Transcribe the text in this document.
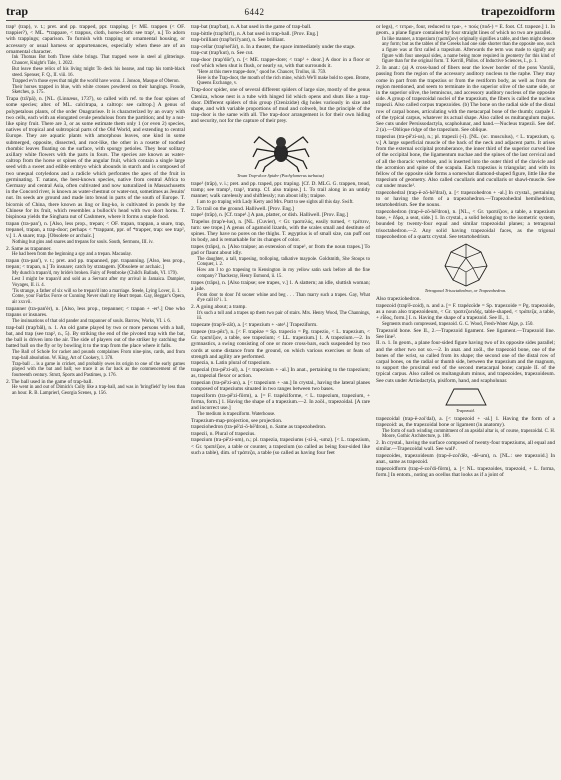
trap	6442	trapezoidform

trap¹ (trap), v. t.; pret. and pp. trapped, ppr. trapping. [< ME. trappen (< OF. trappier?), < ML. *trappare, < trappus, cloth, horse-cloth: see trap¹, n.] To adorn with trappings; caparison. To furnish with trapping or ornamental housing, or accessory or usual harness or appurtenances, especially when these are of an ornamental character.

Ink Thomas Bot both Three slobe brings. That trapped were in steel al glitteringe. Chaucer, Knight's Tale, 1. 2022.

But leave these relics of his living might To deck his hearse, and trap his tomb-black steed. Spenser, F. Q., II. viii. 16.

Trapped ev'n those eyes that might the world have wonn. J. Jonson, Masque of Oberon.

Their horses trapped in blue, with white crosses powdered on their hangings. Froude, Sketches, p. 175.

Trapa (trā'pä), n. [NL. (Linnæus, 1737), so called with ref. to the four spines of some species; alter. of ML. calcitrapa, a caltrop: see caltrop.] A genus of polypetalous plants, of the order Onagrarieæ. It is characterized by an ovary with two cells, each with an elongated ovule pendulous from the partition; and by a nut-like spiny fruit. There are 3, or as some estimate them only 1 (or even 2) species, natives of tropical and subtropical parts of the Old World, and extending to central Europe. They are aquatic plants with amorphous leaves, one kind in some submerged, opposite, dissected, and root-like, the other in a rosette of toothed rhombic leaves floating on the surface, with spongy petioles. They bear solitary axillary white flowers with the parts in fours. The species are known as water-caltrop from the horse or spines of the angular fruit, which contain a single large seed with a sweet and edible embryo which abounds in starch and is composed of two unequal cotyledons and a radicle which perforates the apex of the fruit in germinating. T. natans, the best-known species, native from central Africa to Germany and central Asia, often cultivated and now naturalized in Massachusetts in the Concord river, is known as water-chestnut or water-nut, sometimes as Jesuits' nut. Its seeds are ground and made into bread in parts of the south of Europe. T. bicornis of China, there known as ling or ling-ko, is cultivated in ponds by the Chinese for its fruit, which resembles a bullock's head with two short horns. T. bispinosa yields the Singhara nut of Cashmere, where it forms a staple food.

trapan (tra-pan'), n. [Also, less prop., trepan; < OF. trapan, trappan, a snare, trap, trepanel, trapan, a trap-door; perhaps < *trappant, ppr. of *trapper, trap: see trap², v.] 1. A snare; trap. [Obsolete or archaic.]

Nothing but gins and snares and trepans for souls. South, Sermons, III. iv.

2. Same as trapanner.

He had been from the beginning a spy and a trepan. Macaulay.

trapan (tra-pan'), v. t.; pret. and pp. trapanned, ppr. trapanning. [Also, less prop., trepan; < trapan, n.] To insnare; catch by stratagem. [Obsolete or archaic.]

My dunch'a trapan'd, my bride's broken. Fairy of Pembroke (Child's Ballads, VI. 179).

Lest I might be trapan'd and sold as a Servant after my arrival in Jamaica. Dampier, Voyages, II. ii. 4.

'Tis strange, a father of six will so be trepan'd into a marriage. Steele, Lying Lover, ii. 1.

Come, your Fairfax Force or Cunning Never shall my Heart trepan. Gay, Beggar's Opera, air xxxvii.

trapanner (tra-pan'ėr), n. [Also, less prop., trepanner; < trapan + -er¹.] One who trapans or insnares.

The insinuations of that old pander and trapanner of souls. Barrow, Works, VI. i. 6.

trap-ball (trap'bâl), n. 1. An old game played by two or more persons with a ball, bat, and trap (see trap², n., 5). By striking the end of the pivoted trap with the bat, the ball is driven into the air. The side of players out of the striker by catching the batted ball on the fly or by bowling it to the trap from the place where it falls.

The Ball of Schole for racket and pounds complaines From nine-pins, cards, and from trap-ball absolution. W. King, Art of Cookery, l. 378.

Trap-ball ... is a game in cricket, and probably owes its origin to one of the early games played with the bat and ball; we trace it as far back as the commencement of the fourteenth century. Strutt, Sports and Pastimes, p. 176.

2. The ball used in the game of trap-ball.

He went in and out of Dimick's Cully like a trap-ball, and was in 'bringfield' by less than an hour. R. B. Lamprierl, Georgia Scenes, p. 156.

trap-bat (trap'bat), n. A bat used in the game of trap-ball.

trap-bittle (trap'bit'l), n. A bat used in trap-ball. [Prov. Eng.]

trap-brilliant (trap'bril'yant), n. See brilliant.

trap-cellar (trap'sel'ār), n. In a theater, the space immediately under the stage.

trap-cut (trap'kut), n. See cut.

trap-door (trap'dōr'), n. [< ME. trappe-dore; < trap¹ + door.] A door in a floor or roof which when shut is flush, or nearly so, with that surrounds it.

"Here at this mere trappe-dore," quod he. Chaucer, Troilus, iii. 759.

Here is the Trap-door, the mouth of the rich mine, which We'll make bold to open. Brome, Queens Exchange, v.

Trap-door spider, one of several different spiders of large size, mostly of the genus Cteniza, whose nest is a tube with hinged lid which opens and shuts like a trap-door. Different spiders of this group (Ctenizidæ) dig holes variously in size and shape, and with variable proportions of mud and cobweb, but the principle of the trap-door is the same with all. The trap-door arrangement is for their own hiding and security, not for the capture of their prey.

Texan Trap-door Spider (Pachylomerus turbatus)

trape¹ (trāp), v. i.; pret. and pp. traped, ppr. traping. [Cf. D. MLG. G. trappen, tread, tramp; see tramp¹, trap¹, tramp. Cf. also traipse.] 1. To trail along in an untidy manner; walk carelessly and shiftlessly; run about idly; traipse.

I am to go traping with Lady Kerry and Mrs. Pratt to see sights all this day. Swift.

2. To trail on the ground. Halliwell. [Prov. Eng.]

trape² (trāp), n. [Cf. trape¹.] A pan, platter, or dish. Halliwell. [Prov. Eng.]

Trapelus (trap'e-lus), n. [NL. (Cuvier), < Gr. τραπελός, easily turned, < τρέπειν, turn: see trope.] A genus of agamoid lizards, with the scales small and destitute of spines. They have no pores on the thighs. T. ægyptius is of small size, can puff out its body, and is remarkable for its changes of color.

trapes (trāps), n. [Also traipse; an extension of trape¹, or from the noun trapes.] To gad or flaunt about idly.

The daughter, a tall, trapesing, trolloping, talkative maypole. Goldsmith, She Stoops to Conquer, i. 2.

How am I to go trapesing to Kensington in my yellow satin sack before all the fine company? Thackeray, Henry Esmond, ii. 15.

trapes (trāps), n. [Also traipse; see trapes, v.] 1. A slattern; an idle, sluttish woman; a jade.

From door to door I'd sooner whine and beg . . . Than marry such a trapes. Gay, What d'ye call it? i. 1.

2. A going about; a tramp.

It's such a toll and a trapes up them two pair of stairs. Mrs. Henry Wood, The Channings, iii.

trapezate (trap'ē-zāt), a. [< trapezium + -ate¹.] Trapeziform.

trapeze (tra-pēz'), n. [< F. trapèze = Sp. trapecio = Pg. trapezio, < L. trapezium, < Gr. τραπέζιον, a table, see trapezium; < LL. trapezium.] 1. A trapezium.—2. In gymnastics, a swing consisting of one or more cross-bars, each suspended by two cords at some distance from the ground, on which various exercises or feats of strength and agility are performed.

trapezia, n. Latin plural of trapezium.

trapezial (tra-pē'zi-al), a. [< trapezium + -al.] In anat., pertaining to the trapezium; as, trapezial flexor or action.

trapezian (tra-pē'zi-an), a. [< trapezium + -an.] In crystal., having the lateral planes composed of trapeziums situated in two ranges between two bases.

trapeziform (tra-pē'zi-fôrm), a. [= F. trapéziforme, < L. trapezium, trapezium, + forma, form.] 1. Having the shape of a trapezium.—2. In zoöl., trapezoidal. [A rare and incorrect use.]

The medium is trapeziform. Waterhouse.

Trapezium-map-projection, see projection.

trapeziohedron (tra-pē'zi-ō-hē'dron), n. Same as trapezohedron.

trapezii, n. Plural of trapezius.

trapezium (tra-pē'zi-um), n.; pl. trapezia, trapeziums (-zi-ä, -umz). [< L. trapezium, < Gr. τραπέζιον, a table or counter, a trapezium (so called as being four-sided like such a table), dim. of τράπεζα, a table (so called as having four feet

or legs), < τετρα-, four, reduced to τρα-, + πούς (ποδ-) = E. foot. Cf. trapeze.] 1. In geom., a plane figure contained by four straight lines of which no two are parallel.

In like manner, a trapezium (τραπέζιον) originally signifies a table, and then might denote any form; but as the tables of the Greeks had one side shorter than the opposite one, such a figure was at first called a trapezium. Afterwards the term was made to signify any figure with four unequal sides, a name being more required in geometry for this kind of figure than for the original form. T. Kerrill, Philos. of Inductive Sciences, I., p. 1.

2. In anat.: (a) A cross-band of fibers near the lower border of the pons Varolii, passing from the region of the accessory auditory nucleus to the raphe. They may come in part from the trapezius or from the restiform body, as well as from the region mentioned, and seem to terminate in the superior olive of the same side, or in the superior olive, the lemniscus, and accessory auditory nucleus of the opposite side. A group of trapezoidal nuclei of the trapezium, the fibers is called the nucleus trapezii. Also called corpus trapezoides. (b) The bone on the radial side of the distal row of carpal bones, articulating with the metacarpal bone of the thumb; carpale I. of the typical carpus, whatever its actual shape. Also called os multangulum majus. See cuts under Persissodactyla, scapholunar, and hand.—Nucleus trapezii. See def. 2 (a).—Oblique ridge of the trapezium. See oblique.

trapezius (tra-pē'zi-us), n.; pl. trapezii (-ī). [NL. (sc. musculus), < L. trapezium, q. v.] A large superficial muscle of the back of the neck and adjacent parts. It arises from the external occipital protuberance, the inner third of the superior curved line of the occipital bone, the ligamentum nuchae and the spines of the last cervical and of all the thoracic vertebrae, and is inserted into the outer third of the clavicle and the acromion and spine of the scapula. Each trapezius is triangular; and with its fellow of the opposite side forms a somewhat diamond-shaped figure, little like the trapezium of geometry. Also called cucullaris and cucullaris or shawl-muscle. See cut under muscle¹.

trapezohedral (trap-ē-zō-hē'dral), a. [< trapezohedron + -al.] In crystal., pertaining to or having the form of a trapezohedron.—Trapezohedral hemihedrism, tetartohedrism. See the nouns.

trapezohedron (trap-ē-zō-hē'dron), n. [NL., < Gr. τραπέζιον, a table, a trapezium base, + ἕδρα, a seat, side.] 1. In crystal., a solid belonging to the isometric system, bounded by twenty-four equal and similar trapezoidal planes; a tetragonal trisoctahedron.—2. Any solid having trapezoidal faces, as the trigonal trapezohedron of a quartz crystal. See tetartohedrism.

Tetragonal Trisoctahedron, or Trapezohedron.

Also trapeziohedron.

trapezoid (trap'ē-zoid), n. and a. [= F. trapézoïde = Sp. trapezoide = Pg. trapezoide, as a noun also trapezoideum, < Gr. τραπεζοειδής, table-shaped, < τράπεζα, a table, + εἶδος, form.] I. n. Having the shape of a trapezoid. See II., 1.

Segments much compressed, trapezoid. G. C. Wood, Fresh-Water Alge, p. 150.

Trapezoid bone. See II., 2.—Trapezoid ligament. See ligament.—Trapezoid line. See line².

II. n. 1. In geom., a plane four-sided figure having two of its opposite sides parallel; and the other two not so.—2. In anat. and zoöl., the trapezoid bone, one of the bones of the wrist, so called from its shape; the second one of the distal row of carpal bones, on the radial or thumb side, between the trapezium and the magnum, to support the proximal end of the second metacarpal bone; carpale II. of the typical carpus. Also called os multangulum minus, and trapezoides, trapezoideum. See cuts under Artiodactyla, pisiform, hand, and scapholunar.

Trapezoid.

trapezoidal (trap-ē-zoi'dal), a. [< trapezoid + -al.] 1. Having the form of a trapezoid: as, the trapezoidal bone or ligament (in anatomy).

The form of such winding commitment of an apsidal altar is, of course, trapezoidal. C. H. Moore, Gothic Architecture, p. 106.

2. In crystal., having the surface composed of twenty-four trapeziums, all equal and similar.—Trapezoidal wall. See wall¹.

trapezoides, trapezoideum (trap-ē-zoi'dēz, -dē-um), n. [NL.: see trapezoid.] In anat., same as trapezoid.

trapezoidform (trap-ē-zoi'di-fôrm), a. [< NL. trapezoides, trapezoid, + L. forma, form.] In entom., noting an ocellus that looks as if a joint of
